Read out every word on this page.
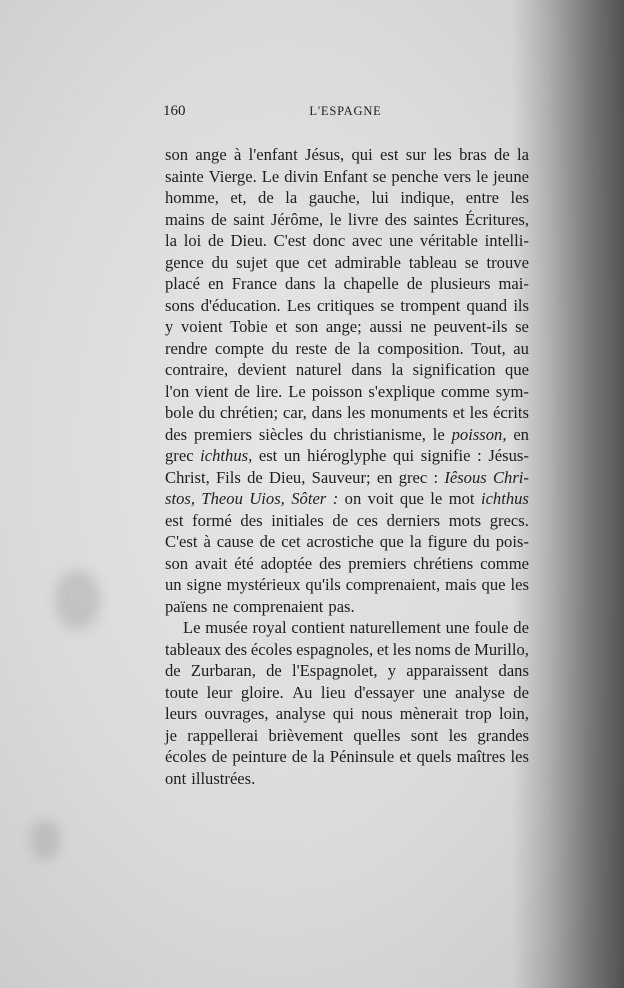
160	L'ESPAGNE
son ange à l'enfant Jésus, qui est sur les bras de la
sainte Vierge. Le divin Enfant se penche vers le jeune
homme, et, de la gauche, lui indique, entre les
mains de saint Jérôme, le livre des saintes Écritures,
la loi de Dieu. C'est donc avec une véritable intelli-
gence du sujet que cet admirable tableau se trouve
placé en France dans la chapelle de plusieurs mai-
sons d'éducation. Les critiques se trompent quand ils
y voient Tobie et son ange; aussi ne peuvent-ils se
rendre compte du reste de la composition. Tout, au
contraire, devient naturel dans la signification que
l'on vient de lire. Le poisson s'explique comme sym-
bole du chrétien; car, dans les monuments et les écrits
des premiers siècles du christianisme, le poisson, en
grec ichthus, est un hiéroglyphe qui signifie : Jésus-
Christ, Fils de Dieu, Sauveur; en grec : Iêsous Chri-
stos, Theou Uios, Sôter : on voit que le mot ichthus
est formé des initiales de ces derniers mots grecs.
C'est à cause de cet acrostiche que la figure du pois-
son avait été adoptée des premiers chrétiens comme
un signe mystérieux qu'ils comprenaient, mais que les
païens ne comprenaient pas.
Le musée royal contient naturellement une foule de
tableaux des écoles espagnoles, et les noms de Murillo,
de Zurbaran, de l'Espagnolet, y apparaissent dans
toute leur gloire. Au lieu d'essayer une analyse de
leurs ouvrages, analyse qui nous mènerait trop loin,
je rappellerai brièvement quelles sont les grandes
écoles de peinture de la Péninsule et quels maîtres les
ont illustrées.
